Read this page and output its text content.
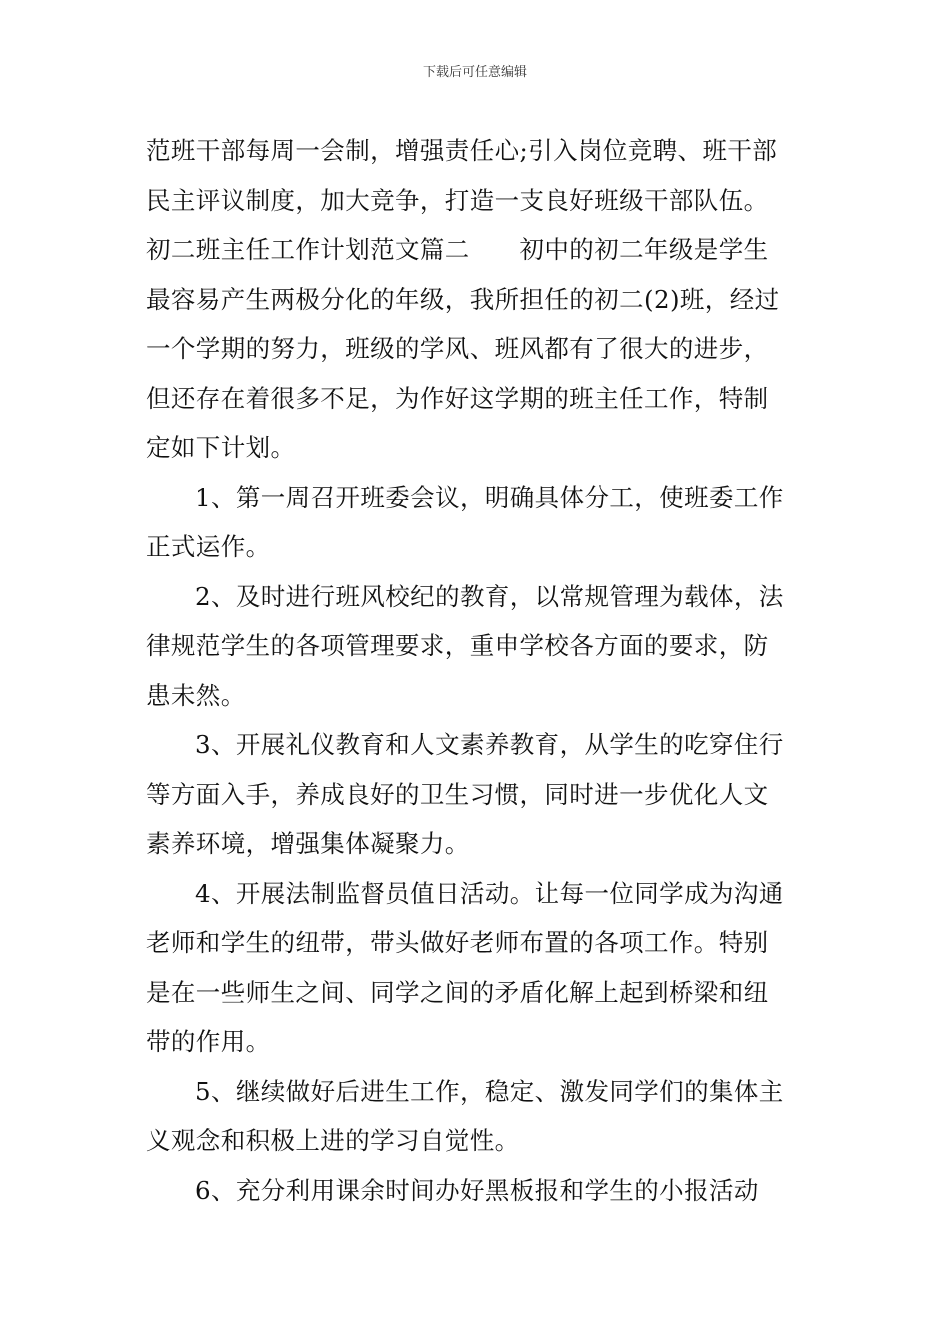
下载后可任意编辑
范班干部每周一会制，增强责任心;引入岗位竞聘、班干部
民主评议制度，加大竞争，打造一支良好班级干部队伍。
初二班主任工作计划范文篇二　　初中的初二年级是学生
最容易产生两极分化的年级，我所担任的初二(2)班，经过
一个学期的努力，班级的学风、班风都有了很大的进步，
但还存在着很多不足，为作好这学期的班主任工作，特制
定如下计划。
1、第一周召开班委会议，明确具体分工，使班委工作
正式运作。
2、及时进行班风校纪的教育，以常规管理为载体，法
律规范学生的各项管理要求，重申学校各方面的要求，防
患未然。
3、开展礼仪教育和人文素养教育，从学生的吃穿住行
等方面入手，养成良好的卫生习惯，同时进一步优化人文
素养环境，增强集体凝聚力。
4、开展法制监督员值日活动。让每一位同学成为沟通
老师和学生的纽带，带头做好老师布置的各项工作。特别
是在一些师生之间、同学之间的矛盾化解上起到桥梁和纽
带的作用。
5、继续做好后进生工作，稳定、激发同学们的集体主
义观念和积极上进的学习自觉性。
6、充分利用课余时间办好黑板报和学生的小报活动
